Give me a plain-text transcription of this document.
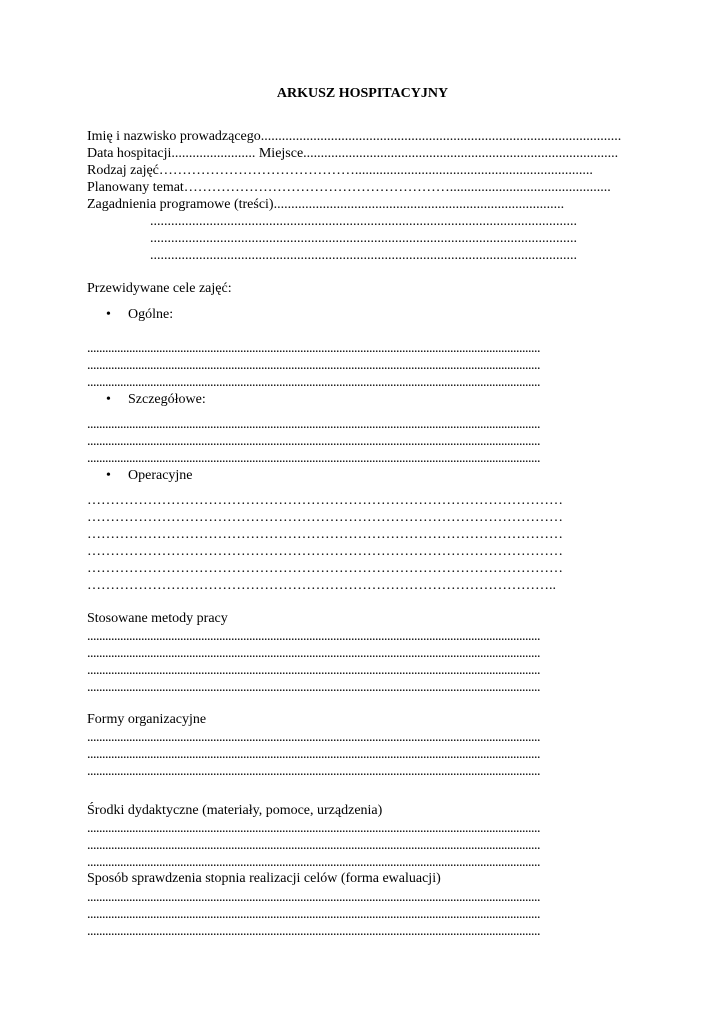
ARKUSZ HOSPITACYJNY
Imię i nazwisko prowadzącego.......................................................................................................
Data hospitacji........................ Miejsce..........................................................................................
Rodzaj zajęć……………………………………....................................................................
Planowany temat…………………………………………………..............................................
Zagadnienia programowe (treści)...................................................................................
..........................................................................................................................
..........................................................................................................................
..........................................................................................................................
Przewidywane cele zajęć:
• Ogólne:
.......................................................................................................................................................
.......................................................................................................................................................
.......................................................................................................................................................
• Szczegółowe:
.......................................................................................................................................................
.......................................................................................................................................................
.......................................................................................................................................................
• Operacyjne
…………………………………………………………………………………………
…………………………………………………………………………………………
…………………………………………………………………………………………
…………………………………………………………………………………………
…………………………………………………………………………………………
………………………………………………………………………………………..
Stosowane metody pracy
.......................................................................................................................................................
.......................................................................................................................................................
.......................................................................................................................................................
.......................................................................................................................................................
Formy organizacyjne
.......................................................................................................................................................
.......................................................................................................................................................
.......................................................................................................................................................
Środki dydaktyczne (materiały, pomoce, urządzenia)
.......................................................................................................................................................
.......................................................................................................................................................
.......................................................................................................................................................
Sposób sprawdzenia stopnia realizacji celów (forma ewaluacji)
.......................................................................................................................................................
.......................................................................................................................................................
.......................................................................................................................................................
